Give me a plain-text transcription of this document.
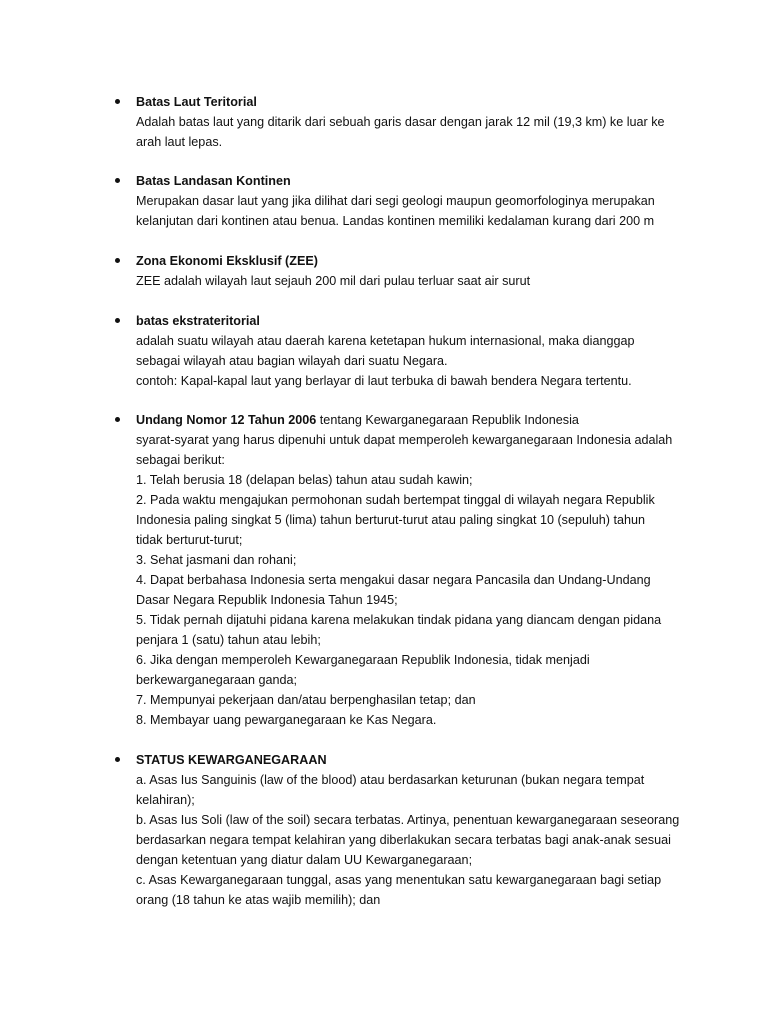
Batas Laut Teritorial
Adalah batas laut yang ditarik dari sebuah garis dasar dengan jarak 12 mil (19,3 km) ke luar ke
arah laut lepas.
Batas Landasan Kontinen
Merupakan dasar laut yang jika dilihat dari segi geologi maupun geomorfologinya merupakan
kelanjutan dari kontinen atau benua. Landas kontinen memiliki kedalaman kurang dari 200 m
Zona Ekonomi Eksklusif (ZEE)
ZEE adalah wilayah laut sejauh 200 mil dari pulau terluar saat air surut
batas ekstrateritorial
adalah suatu wilayah atau daerah karena ketetapan hukum internasional, maka dianggap
sebagai wilayah atau bagian wilayah dari suatu Negara.
contoh: Kapal-kapal laut yang berlayar di laut terbuka di bawah bendera Negara tertentu.
Undang Nomor 12 Tahun 2006 tentang Kewarganegaraan Republik Indonesia
syarat-syarat yang harus dipenuhi untuk dapat memperoleh kewarganegaraan Indonesia adalah
sebagai berikut:
1. Telah berusia 18 (delapan belas) tahun atau sudah kawin;
2. Pada waktu mengajukan permohonan sudah bertempat tinggal di wilayah negara Republik
Indonesia paling singkat 5 (lima) tahun berturut-turut atau paling singkat 10 (sepuluh) tahun
tidak berturut-turut;
3. Sehat jasmani dan rohani;
4. Dapat berbahasa Indonesia serta mengakui dasar negara Pancasila dan Undang-Undang
Dasar Negara Republik Indonesia Tahun 1945;
5. Tidak pernah dijatuhi pidana karena melakukan tindak pidana yang diancam dengan pidana
penjara 1 (satu) tahun atau lebih;
6. Jika dengan memperoleh Kewarganegaraan Republik Indonesia, tidak menjadi
berkewarganegaraan ganda;
7. Mempunyai pekerjaan dan/atau berpenghasilan tetap; dan
8. Membayar uang pewarganegaraan ke Kas Negara.
STATUS KEWARGANEGARAAN
a. Asas Ius Sanguinis (law of the blood) atau berdasarkan keturunan (bukan negara tempat
kelahiran);
b. Asas Ius Soli (law of the soil) secara terbatas. Artinya, penentuan kewarganegaraan seseorang
berdasarkan negara tempat kelahiran yang diberlakukan secara terbatas bagi anak-anak sesuai
dengan ketentuan yang diatur dalam UU Kewarganegaraan;
c. Asas Kewarganegaraan tunggal, asas yang menentukan satu kewarganegaraan bagi setiap
orang (18 tahun ke atas wajib memilih); dan
